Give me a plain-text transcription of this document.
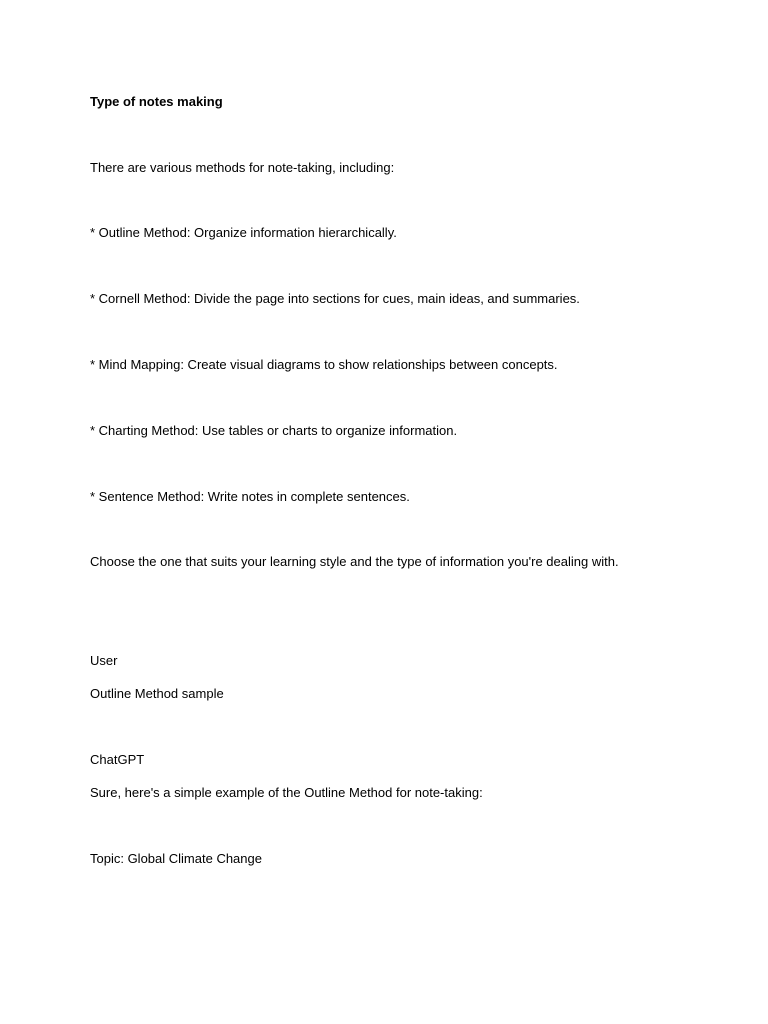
Type of notes making
There are various methods for note-taking, including:
* Outline Method: Organize information hierarchically.
* Cornell Method: Divide the page into sections for cues, main ideas, and summaries.
* Mind Mapping: Create visual diagrams to show relationships between concepts.
* Charting Method: Use tables or charts to organize information.
* Sentence Method: Write notes in complete sentences.
Choose the one that suits your learning style and the type of information you're dealing with.
User
Outline Method sample
ChatGPT
Sure, here's a simple example of the Outline Method for note-taking:
Topic: Global Climate Change
